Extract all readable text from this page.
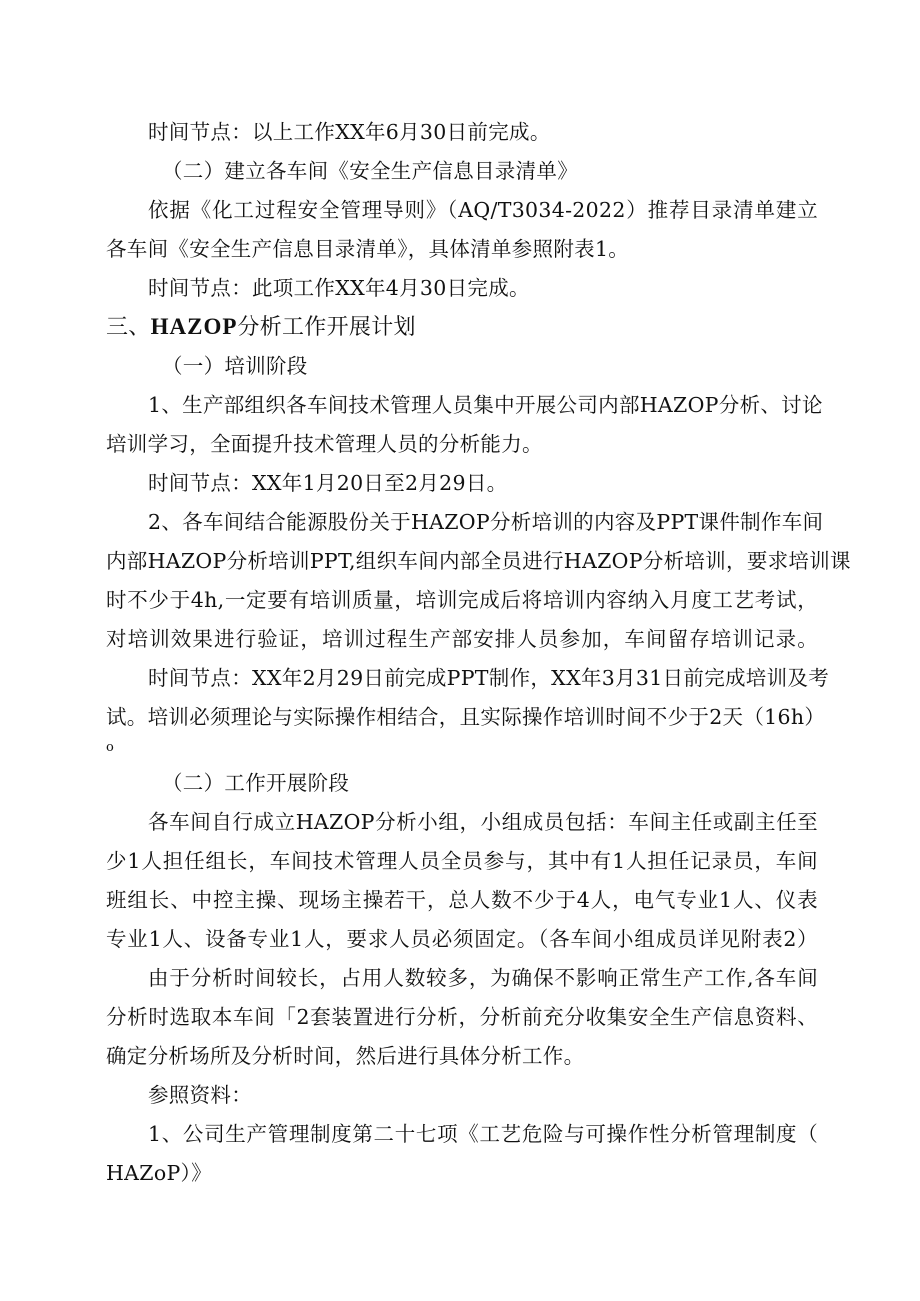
时间节点：以上工作XX年6月30日前完成。

（二）建立各车间《安全生产信息目录清单》

依据《化工过程安全管理导则》（AQ/T3034-2022）推荐目录清单建立

各车间《安全生产信息目录清单》，具体清单参照附表1。

时间节点：此项工作XX年4月30日完成。

三、HAZOP分析工作开展计划

（一）培训阶段

1、生产部组织各车间技术管理人员集中开展公司内部HAZOP分析、讨论

培训学习，全面提升技术管理人员的分析能力。

时间节点：XX年1月20日至2月29日。

2、各车间结合能源股份关于HAZOP分析培训的内容及PPT课件制作车间

内部HAZOP分析培训PPT,组织车间内部全员进行HAZOP分析培训，要求培训课

时不少于4h,一定要有培训质量，培训完成后将培训内容纳入月度工艺考试，

对培训效果进行验证，培训过程生产部安排人员参加，车间留存培训记录。

时间节点：XX年2月29日前完成PPT制作，XX年3月31日前完成培训及考

试。培训必须理论与实际操作相结合，且实际操作培训时间不少于2天（16h）

o

（二）工作开展阶段

各车间自行成立HAZOP分析小组，小组成员包括：车间主任或副主任至

少1人担任组长，车间技术管理人员全员参与，其中有1人担任记录员，车间

班组长、中控主操、现场主操若干，总人数不少于4人，电气专业1人、仪表

专业1人、设备专业1人，要求人员必须固定。（各车间小组成员详见附表2）

由于分析时间较长，占用人数较多，为确保不影响正常生产工作,各车间

分析时选取本车间「2套装置进行分析，分析前充分收集安全生产信息资料、

确定分析场所及分析时间，然后进行具体分析工作。

参照资料：

1、公司生产管理制度第二十七项《工艺危险与可操作性分析管理制度（

HAZoP）》
